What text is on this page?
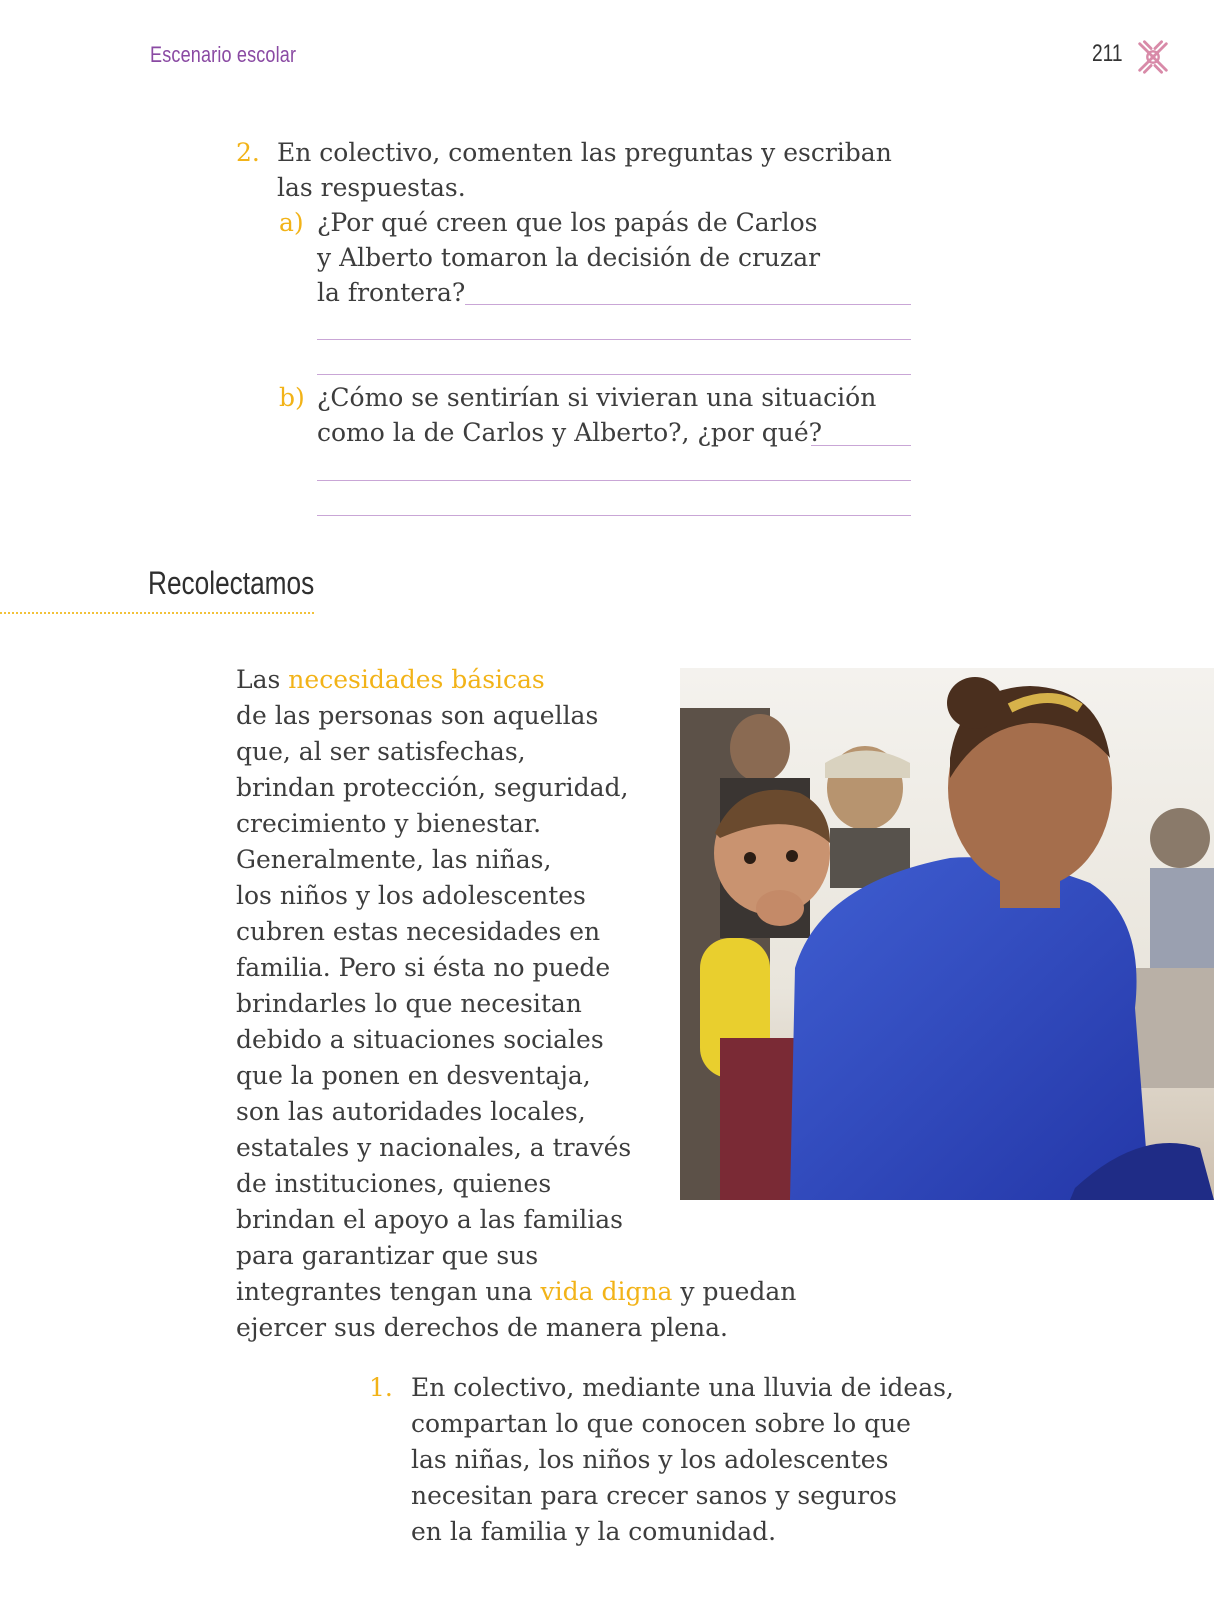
Escenario escolar	211
2. En colectivo, comenten las preguntas y escriban
las respuestas.
a) ¿Por qué creen que los papás de Carlos
y Alberto tomaron la decisión de cruzar
la frontera?
b) ¿Cómo se sentirían si vivieran una situación
como la de Carlos y Alberto?, ¿por qué?
Recolectamos
Las necesidades básicas
de las personas son aquellas
que, al ser satisfechas,
brindan protección, seguridad,
crecimiento y bienestar.
Generalmente, las niñas,
los niños y los adolescentes
cubren estas necesidades en
familia. Pero si ésta no puede
brindarles lo que necesitan
debido a situaciones sociales
que la ponen en desventaja,
son las autoridades locales,
estatales y nacionales, a través
de instituciones, quienes
brindan el apoyo a las familias
para garantizar que sus
integrantes tengan una vida digna y puedan
ejercer sus derechos de manera plena.
1. En colectivo, mediante una lluvia de ideas,
compartan lo que conocen sobre lo que
las niñas, los niños y los adolescentes
necesitan para crecer sanos y seguros
en la familia y la comunidad.
